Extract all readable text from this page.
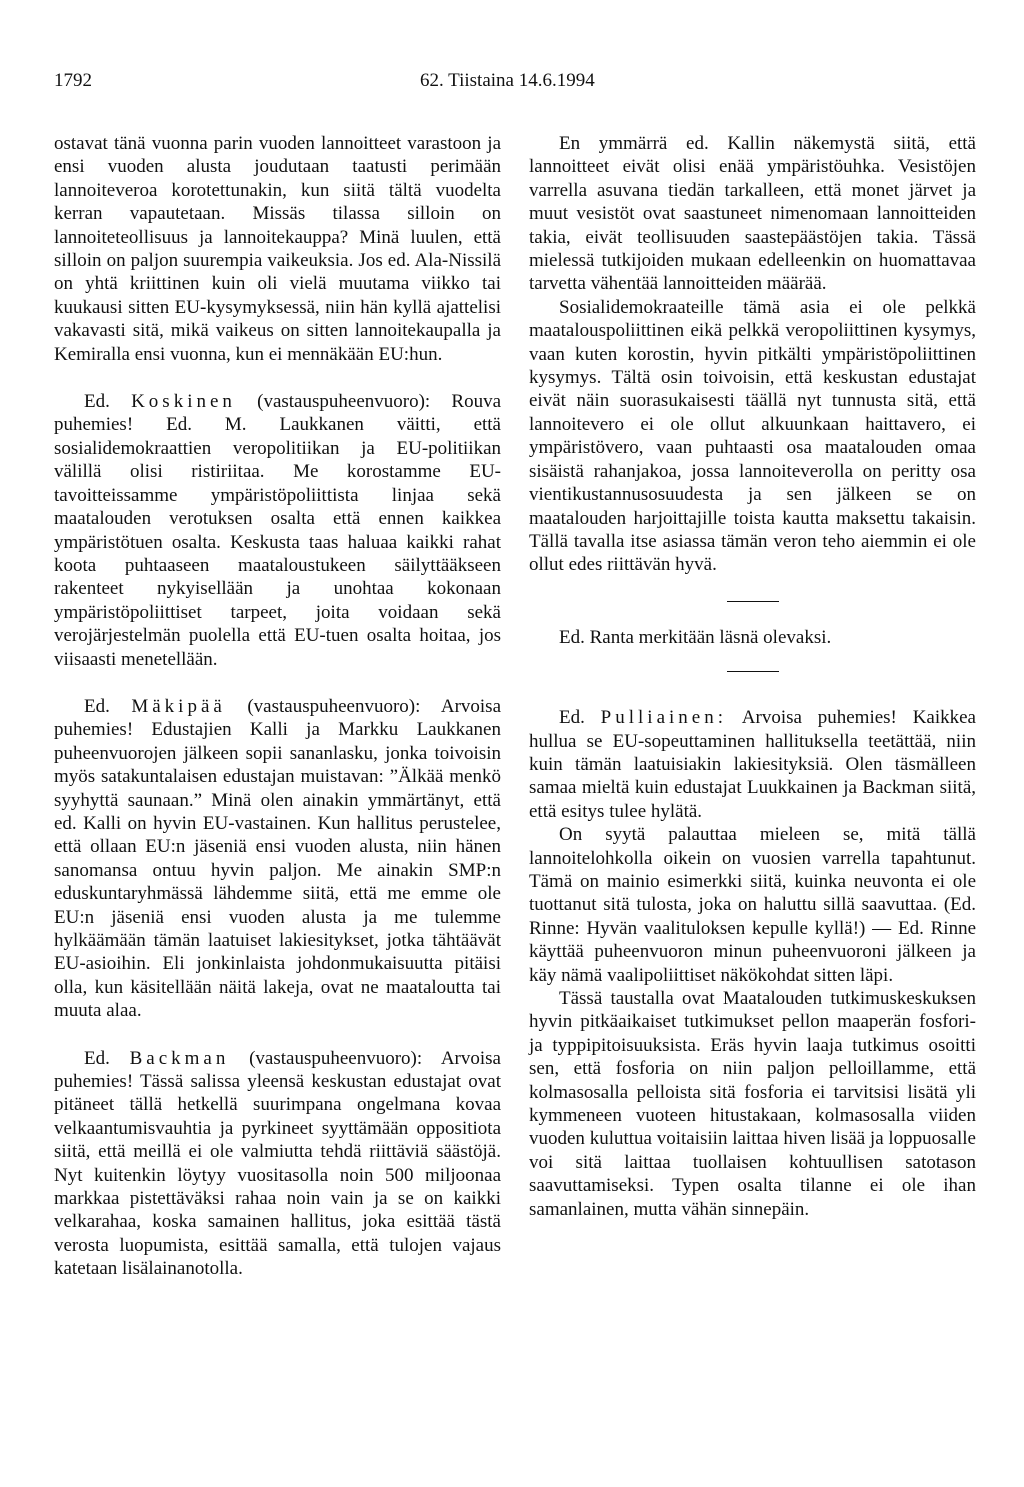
1792	62. Tiistaina 14.6.1994

ostavat tänä vuonna parin vuoden lannoitteet varastoon ja ensi vuoden alusta joudutaan taatusti perimään lannoiteveroa korotettunakin, kun siitä tältä vuodelta kerran vapautetaan. Missäs tilassa silloin on lannoiteteollisuus ja lannoitekauppa? Minä luulen, että silloin on paljon suurempia vaikeuksia. Jos ed. Ala-Nissilä on yhtä kriittinen kuin oli vielä muutama viikko tai kuukausi sitten EU-kysymyksessä, niin hän kyllä ajattelisi vakavasti sitä, mikä vaikeus on sitten lannoitekaupalla ja Kemiralla ensi vuonna, kun ei mennäkään EU:hun.

Ed. Koskinen (vastauspuheenvuoro): Rouva puhemies! Ed. M. Laukkanen väitti, että sosialidemokraattien veropolitiikan ja EU-politiikan välillä olisi ristiriitaa. Me korostamme EU-tavoitteissamme ympäristöpoliittista linjaa sekä maatalouden verotuksen osalta että ennen kaikkea ympäristötuen osalta. Keskusta taas haluaa kaikki rahat koota puhtaaseen maataloustukeen säilyttääkseen rakenteet nykyisellään ja unohtaa kokonaan ympäristöpoliittiset tarpeet, joita voidaan sekä verojärjestelmän puolella että EU-tuen osalta hoitaa, jos viisaasti menetellään.

Ed. Mäkipää (vastauspuheenvuoro): Arvoisa puhemies! Edustajien Kalli ja Markku Laukkanen puheenvuorojen jälkeen sopii sananlasku, jonka toivoisin myös satakuntalaisen edustajan muistavan: ”Älkää menkö syyhyttä saunaan.” Minä olen ainakin ymmärtänyt, että ed. Kalli on hyvin EU-vastainen. Kun hallitus perustelee, että ollaan EU:n jäseniä ensi vuoden alusta, niin hänen sanomansa ontuu hyvin paljon. Me ainakin SMP:n eduskuntaryhmässä lähdemme siitä, että me emme ole EU:n jäseniä ensi vuoden alusta ja me tulemme hylkäämään tämän laatuiset lakiesitykset, jotka tähtäävät EU-asioihin. Eli jonkinlaista johdonmukaisuutta pitäisi olla, kun käsitellään näitä lakeja, ovat ne maataloutta tai muuta alaa.

Ed. Backman (vastauspuheenvuoro): Arvoisa puhemies! Tässä salissa yleensä keskustan edustajat ovat pitäneet tällä hetkellä suurimpana ongelmana kovaa velkaantumisvauhtia ja pyrkineet syyttämään oppositiota siitä, että meillä ei ole valmiutta tehdä riittäviä säästöjä. Nyt kuitenkin löytyy vuositasolla noin 500 miljoonaa markkaa pistettäväksi rahaa noin vain ja se on kaikki velkarahaa, koska samainen hallitus, joka esittää tästä verosta luopumista, esittää samalla, että tulojen vajaus katetaan lisälainanotolla.

En ymmärrä ed. Kallin näkemystä siitä, että lannoitteet eivät olisi enää ympäristöuhka. Vesistöjen varrella asuvana tiedän tarkalleen, että monet järvet ja muut vesistöt ovat saastuneet nimenomaan lannoitteiden takia, eivät teollisuuden saastepäästöjen takia. Tässä mielessä tutkijoiden mukaan edelleenkin on huomattavaa tarvetta vähentää lannoitteiden määrää.

Sosialidemokraateille tämä asia ei ole pelkkä maatalouspoliittinen eikä pelkkä veropoliittinen kysymys, vaan kuten korostin, hyvin pitkälti ympäristöpoliittinen kysymys. Tältä osin toivoisin, että keskustan edustajat eivät näin suorasukaisesti täällä nyt tunnusta sitä, että lannoitevero ei ole ollut alkuunkaan haittavero, ei ympäristövero, vaan puhtaasti osa maatalouden omaa sisäistä rahanjakoa, jossa lannoiteverolla on peritty osa vientikustannusosuudesta ja sen jälkeen se on maatalouden harjoittajille toista kautta maksettu takaisin. Tällä tavalla itse asiassa tämän veron teho aiemmin ei ole ollut edes riittävän hyvä.

Ed. Ranta merkitään läsnä olevaksi.

Ed. Pulliainen: Arvoisa puhemies! Kaikkea hullua se EU-sopeuttaminen hallituksella teetättää, niin kuin tämän laatuisiakin lakiesityksiä. Olen täsmälleen samaa mieltä kuin edustajat Luukkainen ja Backman siitä, että esitys tulee hylätä.

On syytä palauttaa mieleen se, mitä tällä lannoitelohkolla oikein on vuosien varrella tapahtunut. Tämä on mainio esimerkki siitä, kuinka neuvonta ei ole tuottanut sitä tulosta, joka on haluttu sillä saavuttaa. (Ed. Rinne: Hyvän vaalituloksen kepulle kyllä!) — Ed. Rinne käyttää puheenvuoron minun puheenvuoroni jälkeen ja käy nämä vaalipoliittiset näkökohdat sitten läpi.

Tässä taustalla ovat Maatalouden tutkimuskeskuksen hyvin pitkäaikaiset tutkimukset pellon maaperän fosfori- ja typpipitoisuuksista. Eräs hyvin laaja tutkimus osoitti sen, että fosforia on niin paljon pelloillamme, että kolmasosalla pelloista sitä fosforia ei tarvitsisi lisätä yli kymmeneen vuoteen hitustakaan, kolmasosalla viiden vuoden kuluttua voitaisiin laittaa hiven lisää ja loppuosalle voi sitä laittaa tuollaisen kohtuullisen satotason saavuttamiseksi. Typen osalta tilanne ei ole ihan samanlainen, mutta vähän sinnepäin.
